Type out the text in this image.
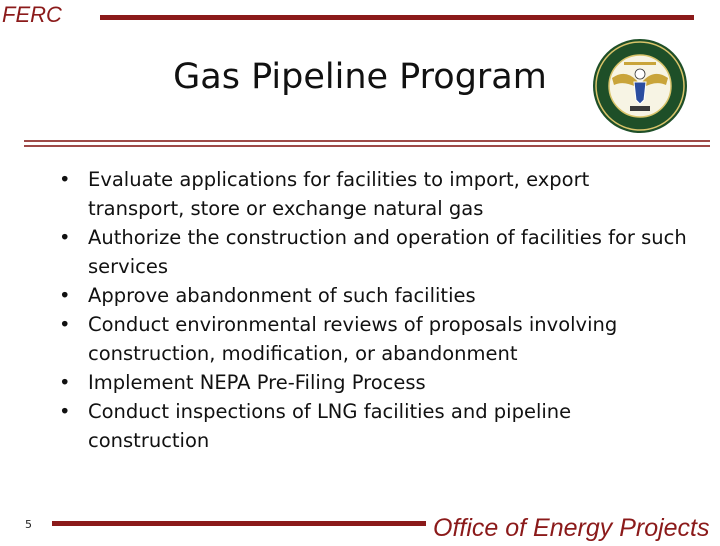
FERC
Gas Pipeline Program
• Evaluate applications for facilities to import, export transport, store or exchange natural gas
• Authorize the construction and operation of facilities for such services
• Approve abandonment of such facilities
• Conduct environmental reviews of proposals involving construction, modification, or abandonment
• Implement NEPA Pre-Filing Process
• Conduct inspections of LNG facilities and pipeline construction
5	Office of Energy Projects
